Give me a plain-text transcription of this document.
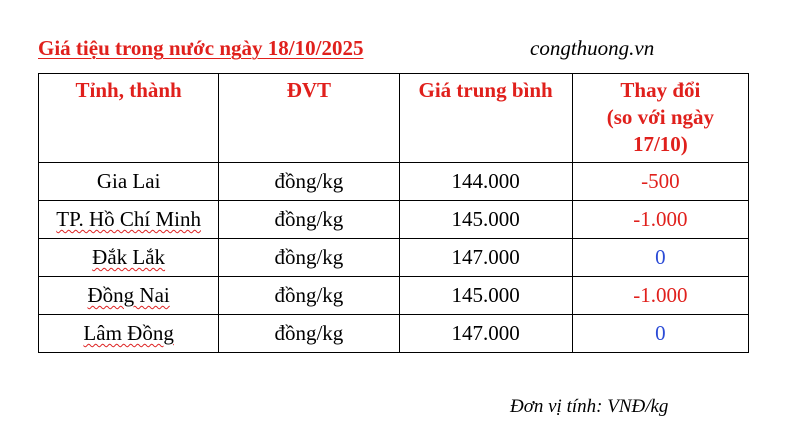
Giá tiệu trong nước ngày 18/10/2025	congthuong.vn
Tỉnh, thành	ĐVT	Giá trung bình	Thay đổi
(so với ngày
17/10)

Gia Lai	đồng/kg	144.000	-500
TP. Hồ Chí Minh	đồng/kg	145.000	-1.000
Đắk Lắk	đồng/kg	147.000	0
Đồng Nai	đồng/kg	145.000	-1.000
Lâm Đồng	đồng/kg	147.000	0
Đơn vị tính: VNĐ/kg
